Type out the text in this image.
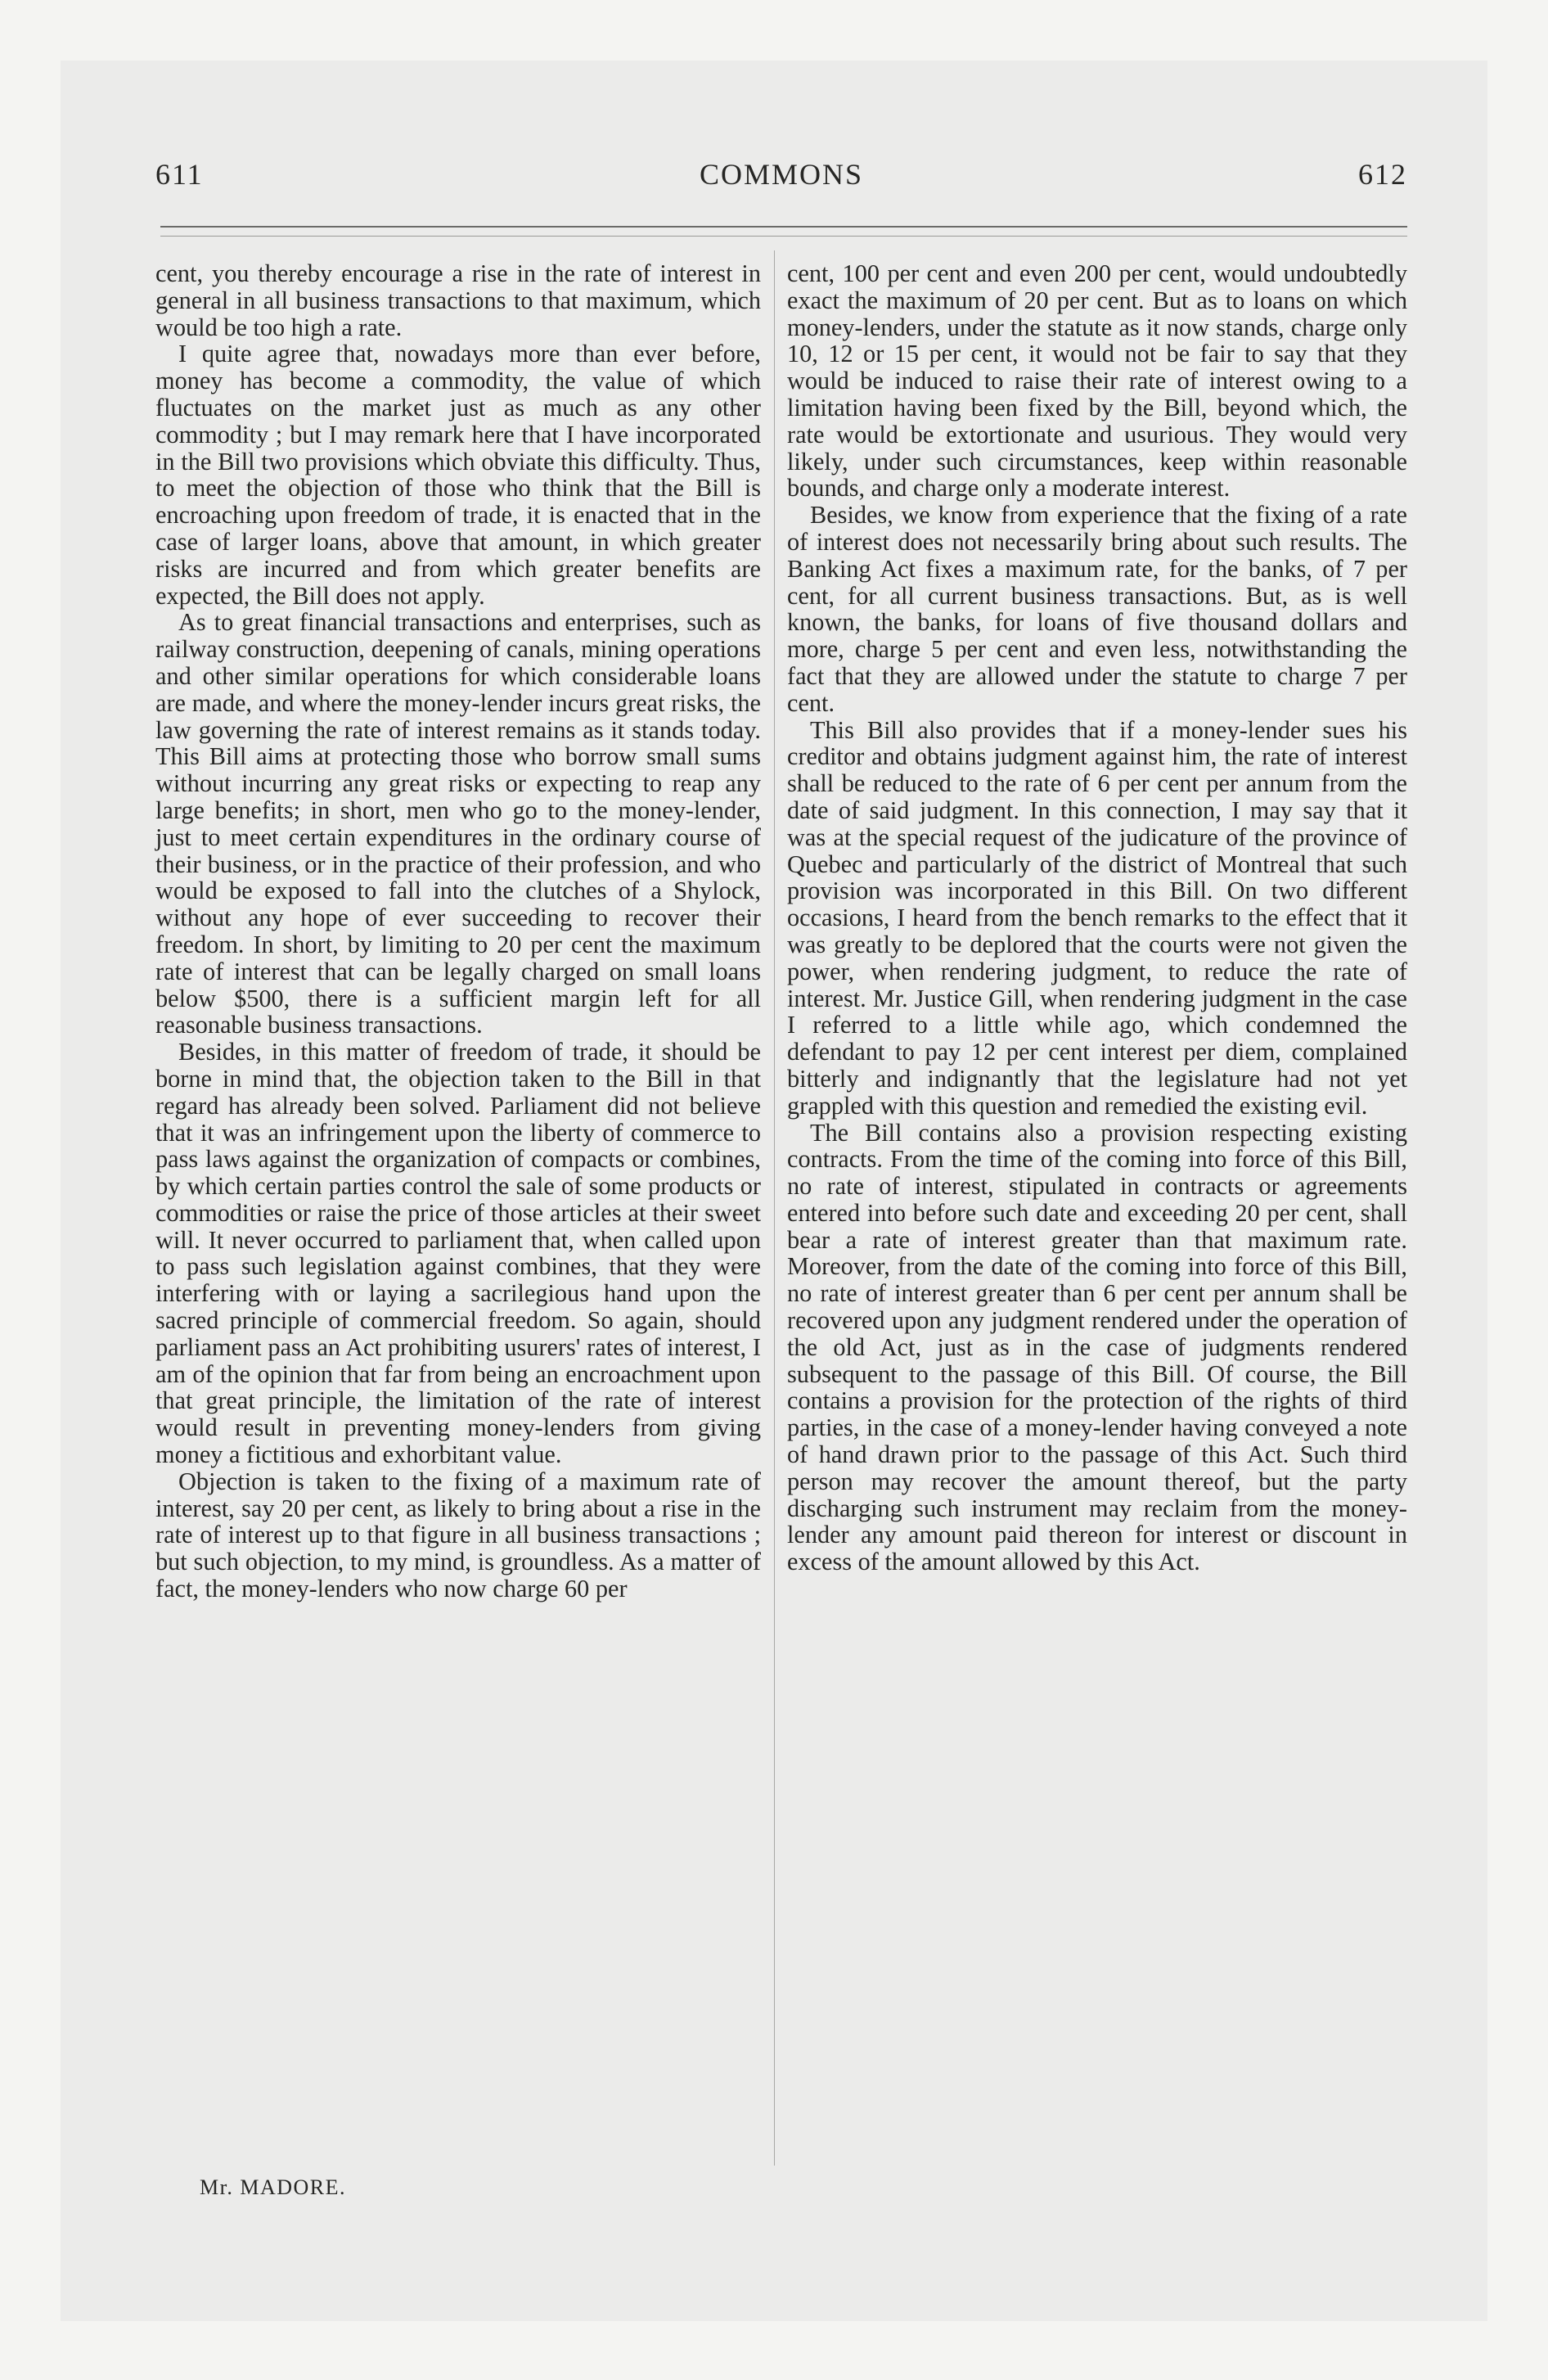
611	COMMONS	612

cent, you thereby encourage a rise in the rate of interest in general in all business transactions to that maximum, which would be too high a rate.

I quite agree that, nowadays more than ever before, money has become a commodity, the value of which fluctuates on the market just as much as any other commodity ; but I may remark here that I have incorporated in the Bill two provisions which obviate this difficulty. Thus, to meet the objection of those who think that the Bill is encroaching upon freedom of trade, it is enacted that in the case of larger loans, above that amount, in which greater risks are incurred and from which greater benefits are expected, the Bill does not apply.

As to great financial transactions and enterprises, such as railway construction, deepening of canals, mining operations and other similar operations for which considerable loans are made, and where the money-lender incurs great risks, the law governing the rate of interest remains as it stands today. This Bill aims at protecting those who borrow small sums without incurring any great risks or expecting to reap any large benefits; in short, men who go to the money-lender, just to meet certain expenditures in the ordinary course of their business, or in the practice of their profession, and who would be exposed to fall into the clutches of a Shylock, without any hope of ever succeeding to recover their freedom. In short, by limiting to 20 per cent the maximum rate of interest that can be legally charged on small loans below $500, there is a sufficient margin left for all reasonable business transactions.

Besides, in this matter of freedom of trade, it should be borne in mind that, the objection taken to the Bill in that regard has already been solved. Parliament did not believe that it was an infringement upon the liberty of commerce to pass laws against the organization of compacts or combines, by which certain parties control the sale of some products or commodities or raise the price of those articles at their sweet will. It never occurred to parliament that, when called upon to pass such legislation against combines, that they were interfering with or laying a sacrilegious hand upon the sacred principle of commercial freedom. So again, should parliament pass an Act prohibiting usurers' rates of interest, I am of the opinion that far from being an encroachment upon that great principle, the limitation of the rate of interest would result in preventing money-lenders from giving money a fictitious and exhorbitant value.

Objection is taken to the fixing of a maximum rate of interest, say 20 per cent, as likely to bring about a rise in the rate of interest up to that figure in all business transactions ; but such objection, to my mind, is groundless. As a matter of fact, the money-lenders who now charge 60 per

cent, 100 per cent and even 200 per cent, would undoubtedly exact the maximum of 20 per cent. But as to loans on which money-lenders, under the statute as it now stands, charge only 10, 12 or 15 per cent, it would not be fair to say that they would be induced to raise their rate of interest owing to a limitation having been fixed by the Bill, beyond which, the rate would be extortionate and usurious. They would very likely, under such circumstances, keep within reasonable bounds, and charge only a moderate interest.

Besides, we know from experience that the fixing of a rate of interest does not necessarily bring about such results. The Banking Act fixes a maximum rate, for the banks, of 7 per cent, for all current business transactions. But, as is well known, the banks, for loans of five thousand dollars and more, charge 5 per cent and even less, notwithstanding the fact that they are allowed under the statute to charge 7 per cent.

This Bill also provides that if a money-lender sues his creditor and obtains judgment against him, the rate of interest shall be reduced to the rate of 6 per cent per annum from the date of said judgment. In this connection, I may say that it was at the special request of the judicature of the province of Quebec and particularly of the district of Montreal that such provision was incorporated in this Bill. On two different occasions, I heard from the bench remarks to the effect that it was greatly to be deplored that the courts were not given the power, when rendering judgment, to reduce the rate of interest. Mr. Justice Gill, when rendering judgment in the case I referred to a little while ago, which condemned the defendant to pay 12 per cent interest per diem, complained bitterly and indignantly that the legislature had not yet grappled with this question and remedied the existing evil.

The Bill contains also a provision respecting existing contracts. From the time of the coming into force of this Bill, no rate of interest, stipulated in contracts or agreements entered into before such date and exceeding 20 per cent, shall bear a rate of interest greater than that maximum rate. Moreover, from the date of the coming into force of this Bill, no rate of interest greater than 6 per cent per annum shall be recovered upon any judgment rendered under the operation of the old Act, just as in the case of judgments rendered subsequent to the passage of this Bill. Of course, the Bill contains a provision for the protection of the rights of third parties, in the case of a money-lender having conveyed a note of hand drawn prior to the passage of this Act. Such third person may recover the amount thereof, but the party discharging such instrument may reclaim from the money-lender any amount paid thereon for interest or discount in excess of the amount allowed by this Act.

Mr. MADORE.
